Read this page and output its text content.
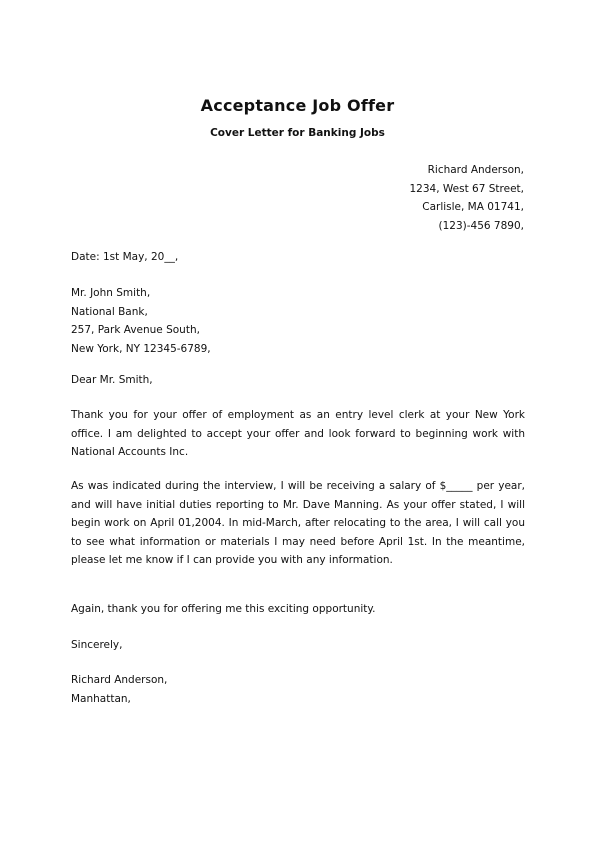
Acceptance Job Offer
Cover Letter for Banking Jobs
Richard Anderson,
1234, West 67 Street,
Carlisle, MA 01741,
(123)-456 7890,
Date: 1st May, 20__,
Mr. John Smith,
National Bank,
257, Park Avenue South,
New York, NY 12345-6789,
Dear Mr. Smith,
Thank you for your offer of employment as an entry level clerk at your New York office. I am delighted to accept your offer and look forward to beginning work with National Accounts Inc.
As was indicated during the interview, I will be receiving a salary of $_____ per year, and will have initial duties reporting to Mr. Dave Manning. As your offer stated, I will begin work on April 01,2004. In mid-March, after relocating to the area, I will call you to see what information or materials I may need before April 1st. In the meantime, please let me know if I can provide you with any information.
Again, thank you for offering me this exciting opportunity.
Sincerely,
Richard Anderson,
Manhattan,
